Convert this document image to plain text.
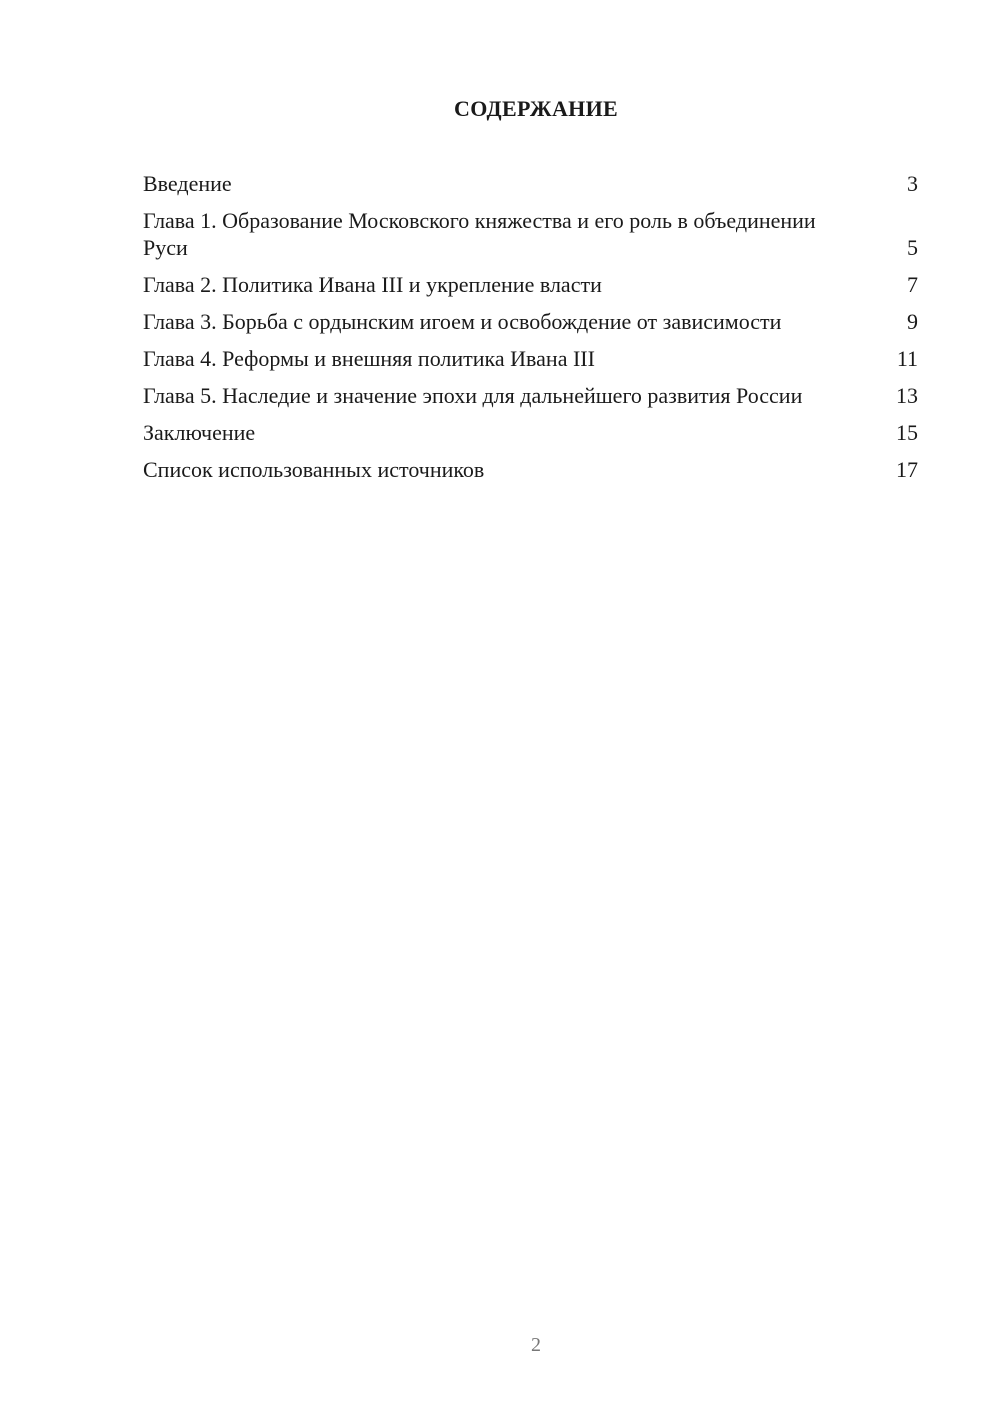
СОДЕРЖАНИЕ
Введение	3
Глава 1. Образование Московского княжества и его роль в объединении Руси	5
Глава 2. Политика Ивана III и укрепление власти	7
Глава 3. Борьба с ордынским игоем и освобождение от зависимости	9
Глава 4. Реформы и внешняя политика Ивана III	11
Глава 5. Наследие и значение эпохи для дальнейшего развития России	13
Заключение	15
Список использованных источников	17
2
